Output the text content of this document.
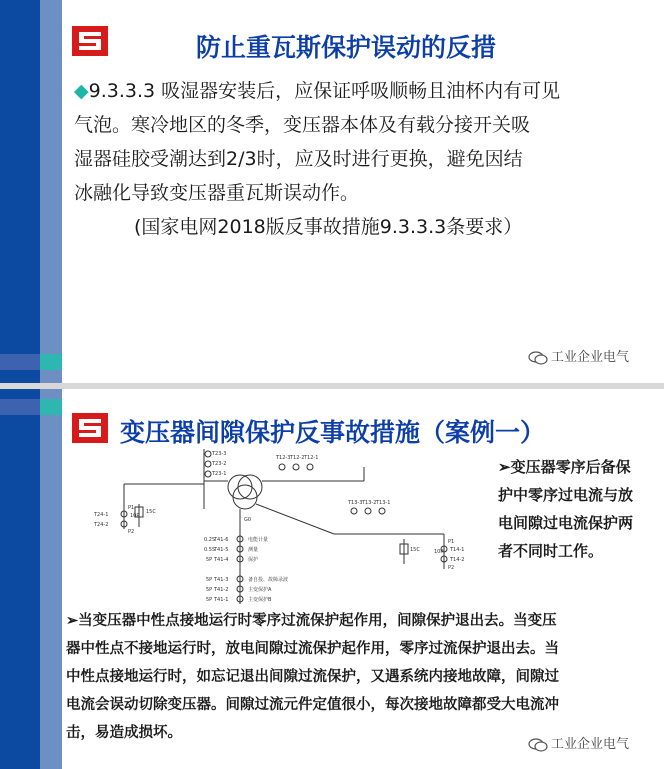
防止重瓦斯保护误动的反措
◆9.3.3.3 吸湿器安装后，应保证呼吸顺畅且油杯内有可见
气泡。寒冷地区的冬季，变压器本体及有载分接开关吸
湿器硅胶受潮达到2/3时，应及时进行更换，避免因结
冰融化导致变压器重瓦斯误动作。
(国家电网2018版反事故措施9.3.3.3条要求）
工业企业电气
变压器间隙保护反事故措施（案例一）
T23-3
T23-2
T23-1
T12-3 T12-2 T12-1
T13-3 T13-2 T13-1
T14-1
T14-2
T24-1
T24-2
T41-6
T41-5
T41-4
T41-3
T41-2
T41-1
P1
P2
P1
P2
10P
10P
15C
15C
0.2S
0.5S
5P
5P
5P
5P
G0
电能计量
测量
保护
备自投、故障录波
主变保护A
主变保护B
➢变压器零序后备保
护中零序过电流与放
电间隙过电流保护两
者不同时工作。
➢当变压器中性点接地运行时零序过流保护起作用，间隙保护退出去。当变压
器中性点不接地运行时，放电间隙过流保护起作用，零序过流保护退出去。当
中性点接地运行时，如忘记退出间隙过流保护，又遇系统内接地故障，间隙过
电流会误动切除变压器。间隙过流元件定值很小，每次接地故障都受大电流冲
击，易造成损坏。
工业企业电气
